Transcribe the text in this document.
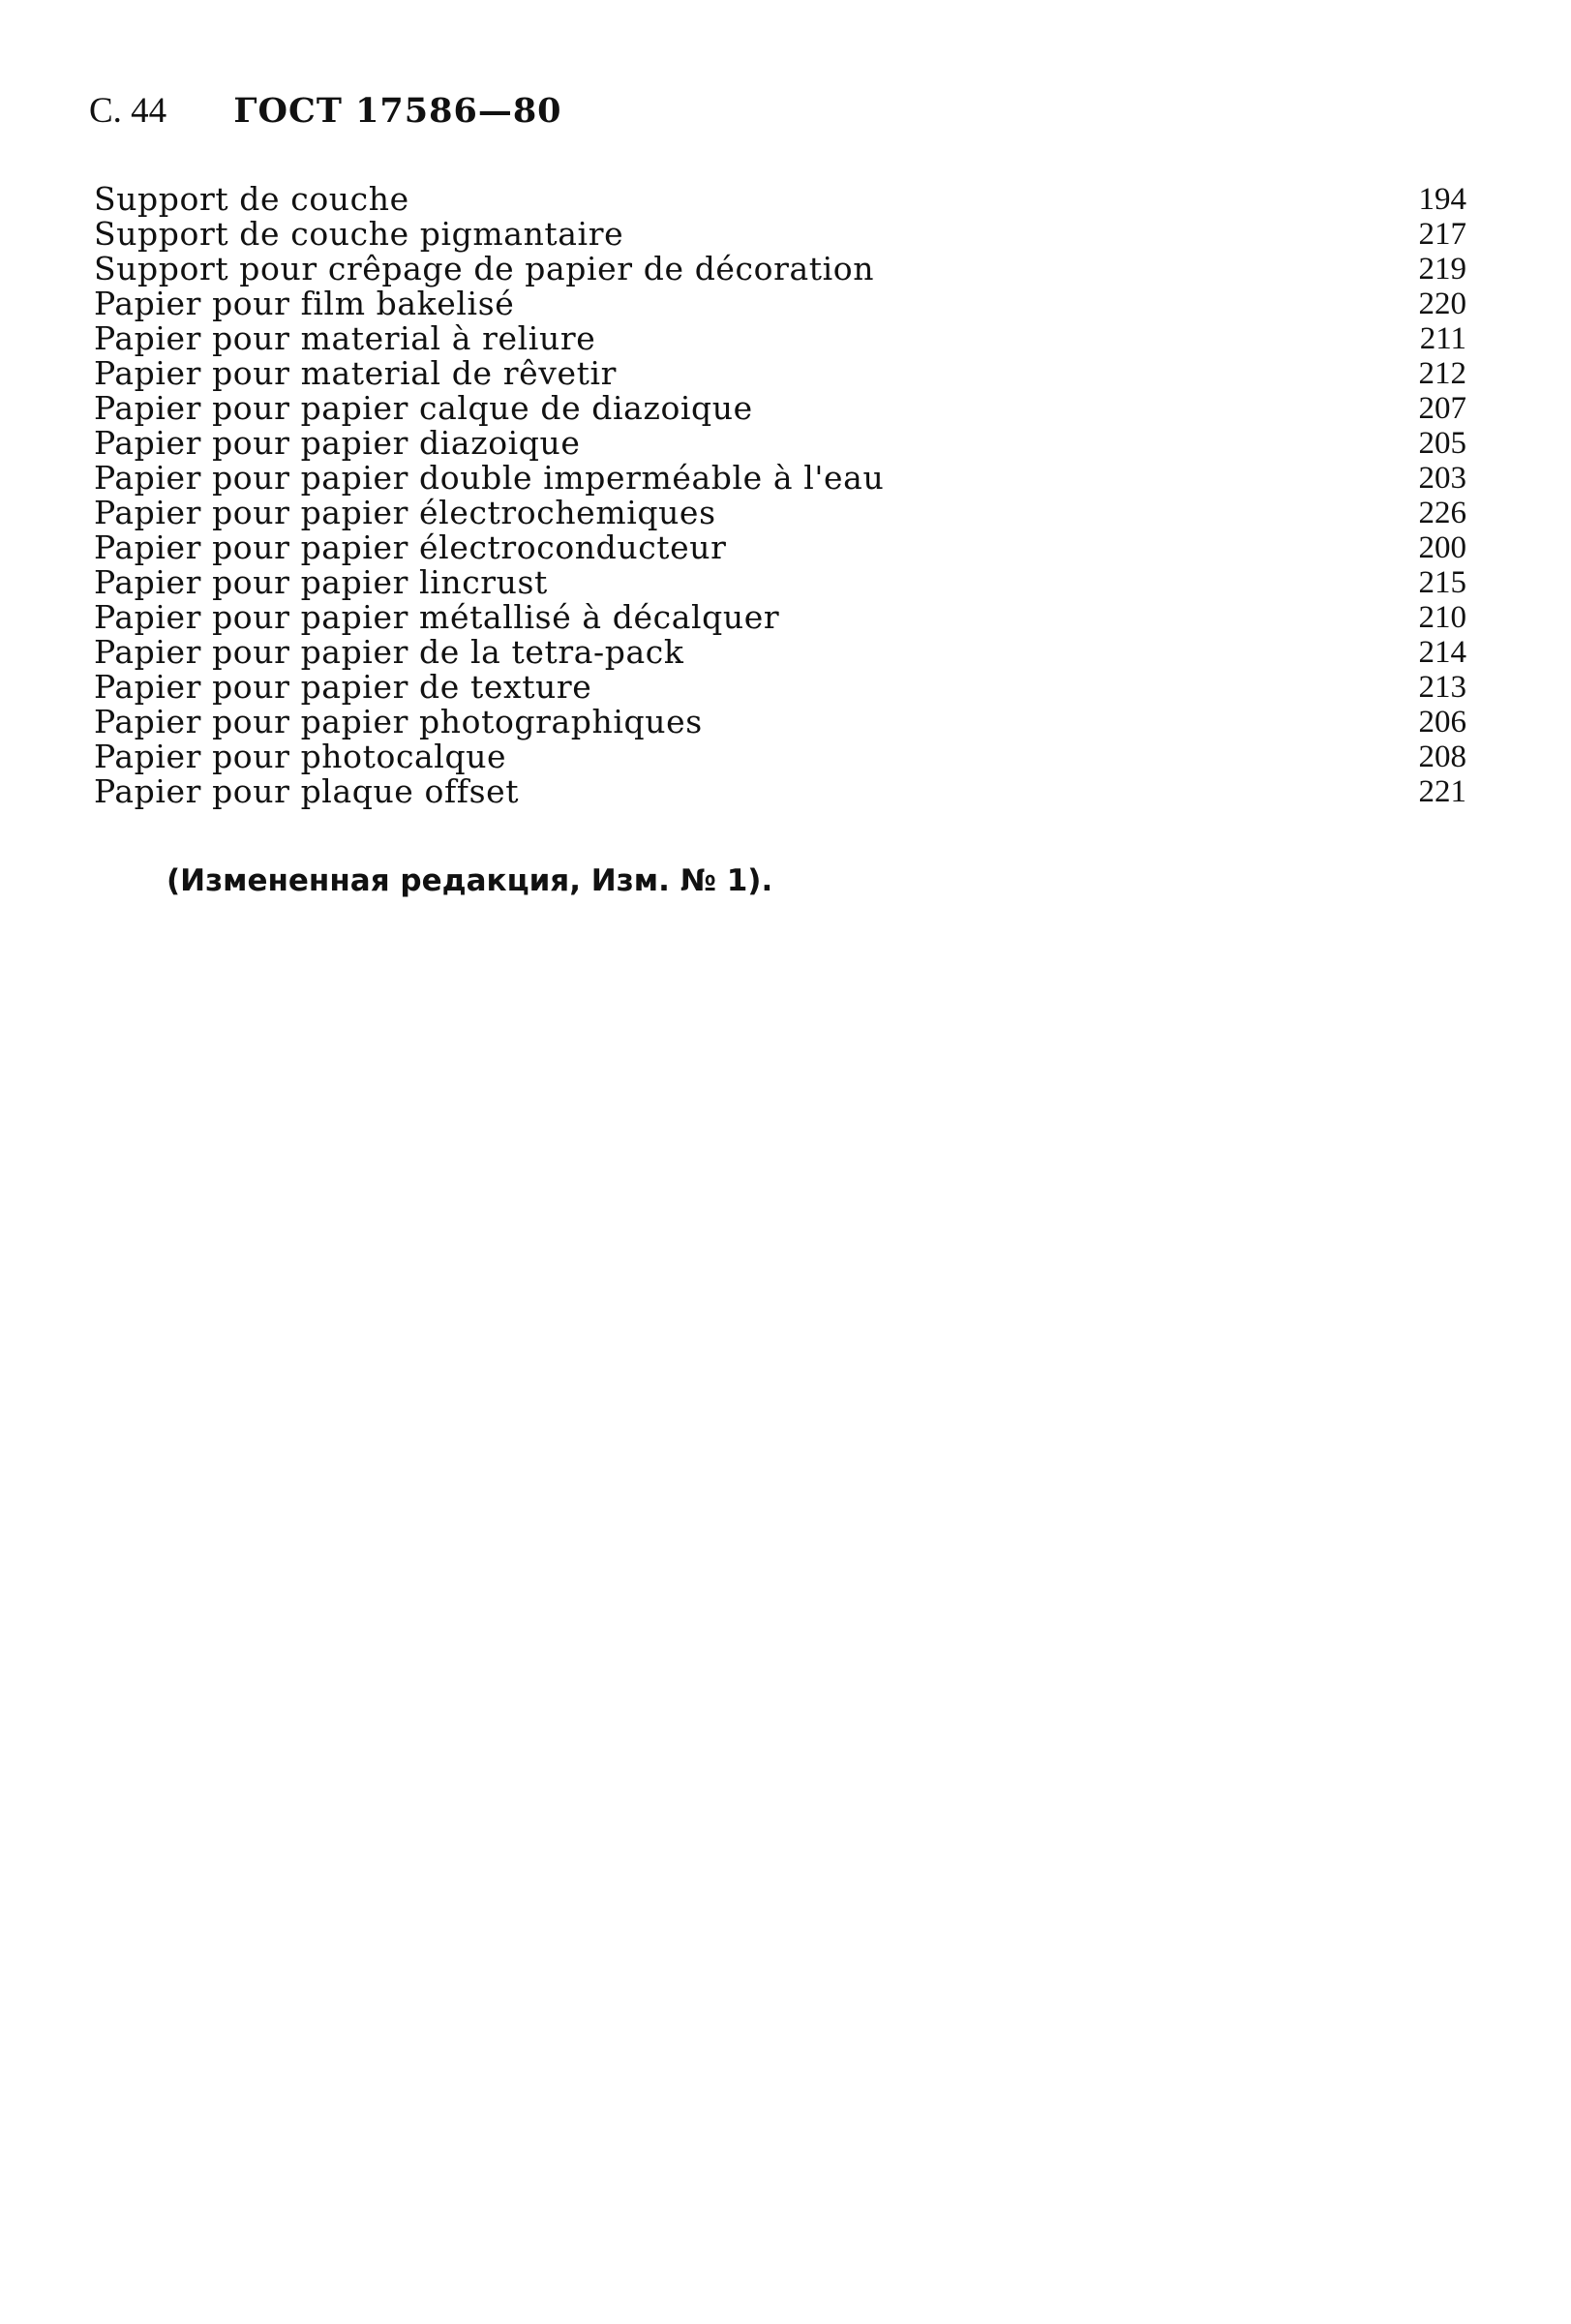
С. 44 ГОСТ 17586—80
Support de couche	194
Support de couche pigmantaire	217
Support pour crêpage de papier de décoration	219
Papier pour film bakelisé	220
Papier pour material à reliure	211
Papier pour material de rêvetir	212
Papier pour papier calque de diazoique	207
Papier pour papier diazoique	205
Papier pour papier double imperméable à l'eau	203
Papier pour papier électrochemiques	226
Papier pour papier électroconducteur	200
Papier pour papier lincrust	215
Papier pour papier métallisé à décalquer	210
Papier pour papier de la tetra-pack	214
Papier pour papier de texture	213
Papier pour papier photographiques	206
Papier pour photocalque	208
Papier pour plaque offset	221
(Измененная редакция, Изм. № 1).
